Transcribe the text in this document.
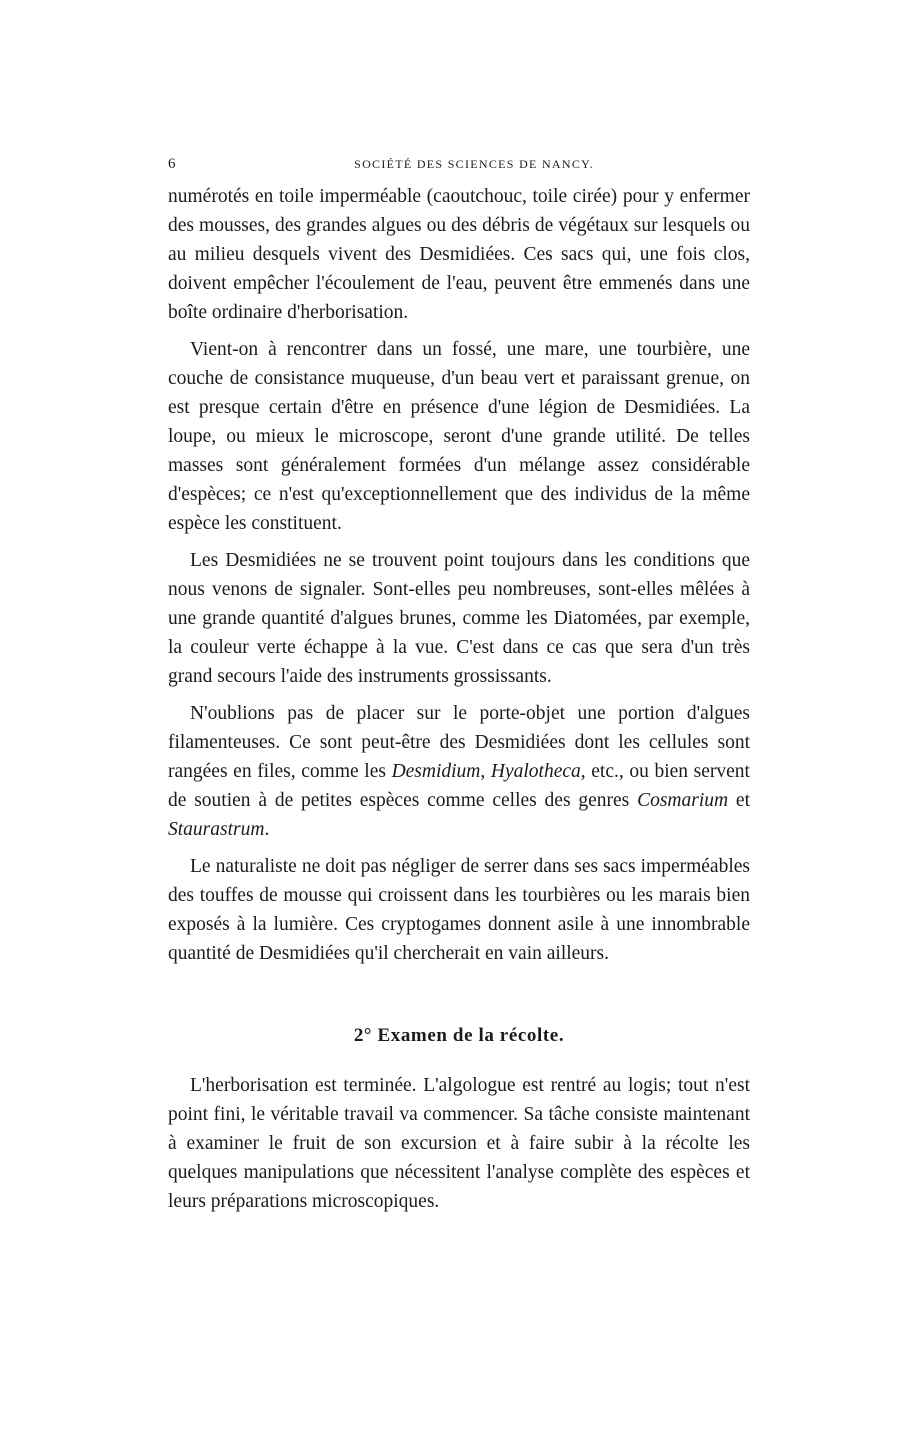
6	SOCIÉTÉ DES SCIENCES DE NANCY.

numérotés en toile imperméable (caoutchouc, toile cirée) pour y enfermer des mousses, des grandes algues ou des débris de végétaux sur lesquels ou au milieu desquels vivent des Desmidiées. Ces sacs qui, une fois clos, doivent empêcher l'écoulement de l'eau, peuvent être emmenés dans une boîte ordinaire d'herborisation.

Vient-on à rencontrer dans un fossé, une mare, une tourbière, une couche de consistance muqueuse, d'un beau vert et paraissant grenue, on est presque certain d'être en présence d'une légion de Desmidiées. La loupe, ou mieux le microscope, seront d'une grande utilité. De telles masses sont généralement formées d'un mélange assez considérable d'espèces; ce n'est qu'exceptionnellement que des individus de la même espèce les constituent.

Les Desmidiées ne se trouvent point toujours dans les conditions que nous venons de signaler. Sont-elles peu nombreuses, sont-elles mêlées à une grande quantité d'algues brunes, comme les Diatomées, par exemple, la couleur verte échappe à la vue. C'est dans ce cas que sera d'un très grand secours l'aide des instruments grossissants.

N'oublions pas de placer sur le porte-objet une portion d'algues filamenteuses. Ce sont peut-être des Desmidiées dont les cellules sont rangées en files, comme les Desmidium, Hyalotheca, etc., ou bien servent de soutien à de petites espèces comme celles des genres Cosmarium et Staurastrum.

Le naturaliste ne doit pas négliger de serrer dans ses sacs imperméables des touffes de mousse qui croissent dans les tourbières ou les marais bien exposés à la lumière. Ces cryptogames donnent asile à une innombrable quantité de Desmidiées qu'il chercherait en vain ailleurs.

2° Examen de la récolte.

L'herborisation est terminée. L'algologue est rentré au logis; tout n'est point fini, le véritable travail va commencer. Sa tâche consiste maintenant à examiner le fruit de son excursion et à faire subir à la récolte les quelques manipulations que nécessitent l'analyse complète des espèces et leurs préparations microscopiques.
